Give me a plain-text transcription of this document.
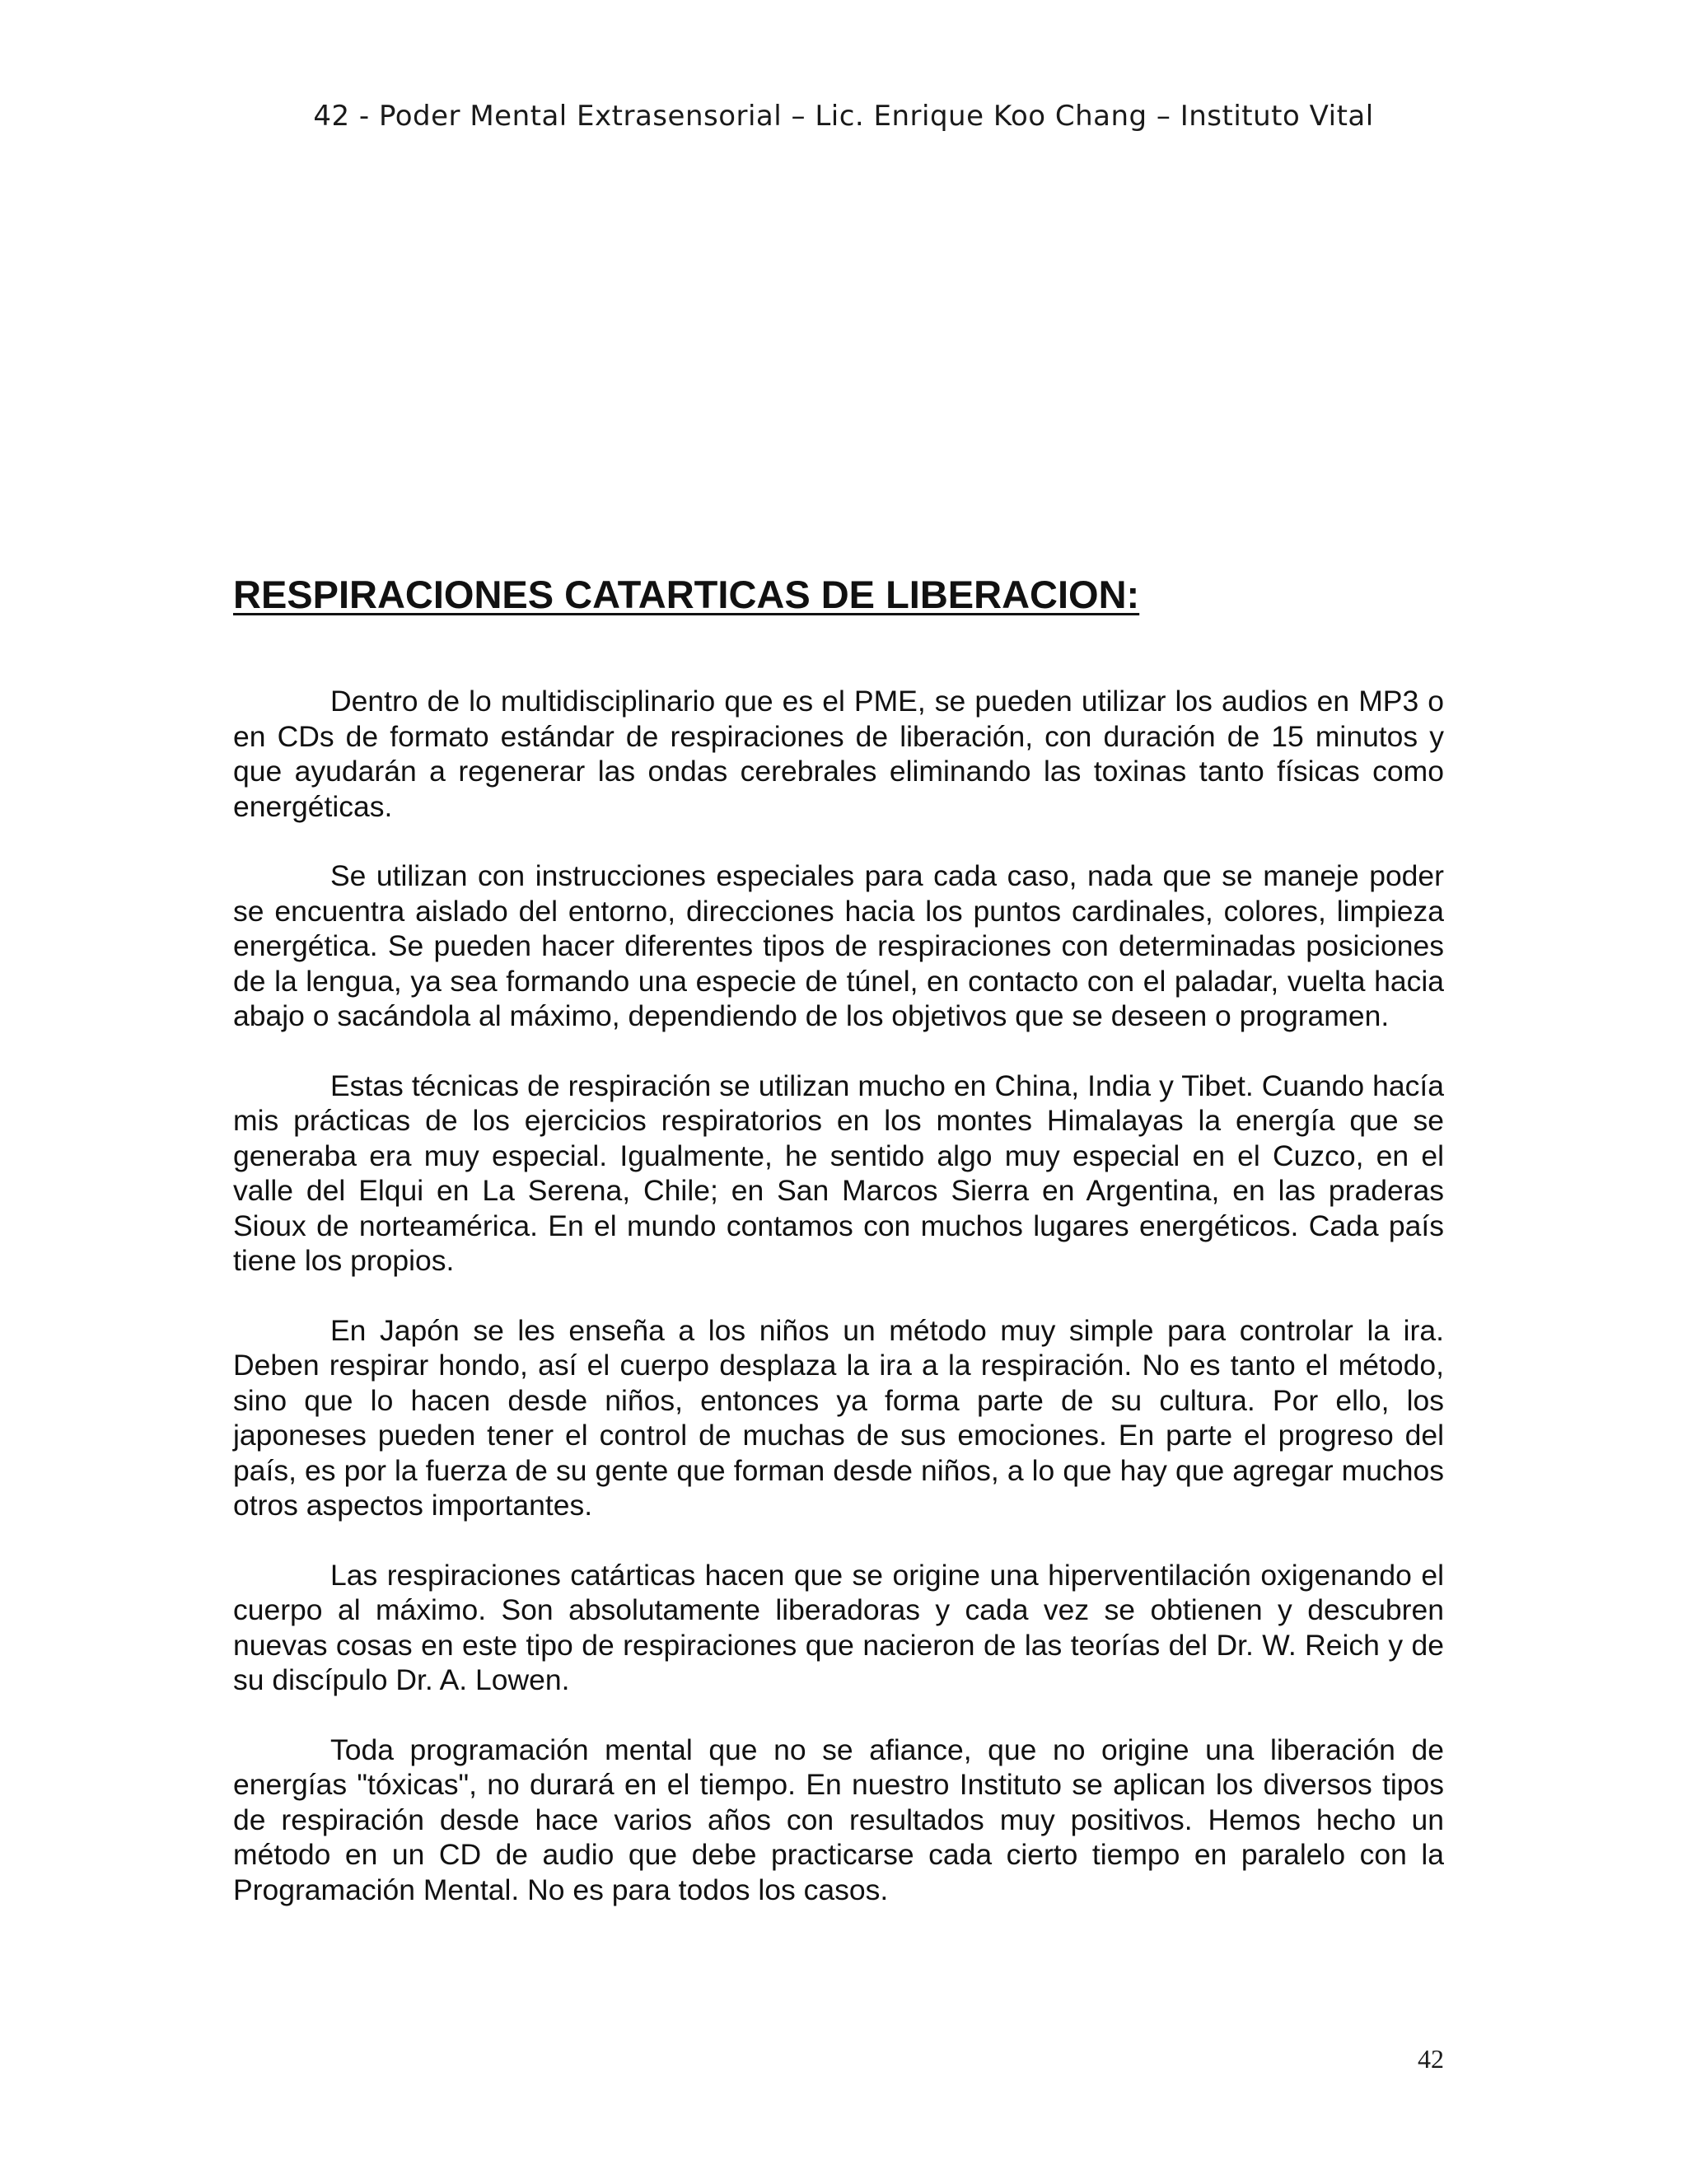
42 - Poder Mental Extrasensorial – Lic. Enrique Koo Chang – Instituto Vital
RESPIRACIONES CATARTICAS DE LIBERACION:

Dentro de lo multidisciplinario que es el PME, se pueden utilizar los audios en MP3 o en CDs de formato estándar de respiraciones de liberación, con duración de 15 minutos y que ayudarán a regenerar las ondas cerebrales eliminando las toxinas tanto físicas como energéticas.

Se utilizan con instrucciones especiales para cada caso, nada que se maneje poder se encuentra aislado del entorno, direcciones hacia los puntos cardinales, colores, limpieza energética. Se pueden hacer diferentes tipos de respiraciones con determinadas posiciones de la lengua, ya sea formando una especie de túnel, en contacto con el paladar, vuelta hacia abajo o sacándola al máximo, dependiendo de los objetivos que se deseen o programen.

Estas técnicas de respiración se utilizan mucho en China, India y Tibet. Cuando hacía mis prácticas de los ejercicios respiratorios en los montes Himalayas la energía que se generaba era muy especial. Igualmente, he sentido algo muy especial en el Cuzco, en el valle del Elqui en La Serena, Chile; en San Marcos Sierra en Argentina, en las praderas Sioux de norteamérica. En el mundo contamos con muchos lugares energéticos. Cada país tiene los propios.

En Japón se les enseña a los niños un método muy simple para controlar la ira. Deben respirar hondo, así el cuerpo desplaza la ira a la respiración. No es tanto el método, sino que lo hacen desde niños, entonces ya forma parte de su cultura. Por ello, los japoneses pueden tener el control de muchas de sus emociones. En parte el progreso del país, es por la fuerza de su gente que forman desde niños, a lo que hay que agregar muchos otros aspectos importantes.

Las respiraciones catárticas hacen que se origine una hiperventilación oxigenando el cuerpo al máximo. Son absolutamente liberadoras y cada vez se obtienen y descubren nuevas cosas en este tipo de respiraciones que nacieron de las teorías del Dr. W. Reich y de su discípulo Dr. A. Lowen.

Toda programación mental que no se afiance, que no origine una liberación de energías "tóxicas", no durará en el tiempo. En nuestro Instituto se aplican los diversos tipos de respiración desde hace varios años con resultados muy positivos. Hemos hecho un método en un CD de audio que debe practicarse cada cierto tiempo en paralelo con la Programación Mental. No es para todos los casos.

42
